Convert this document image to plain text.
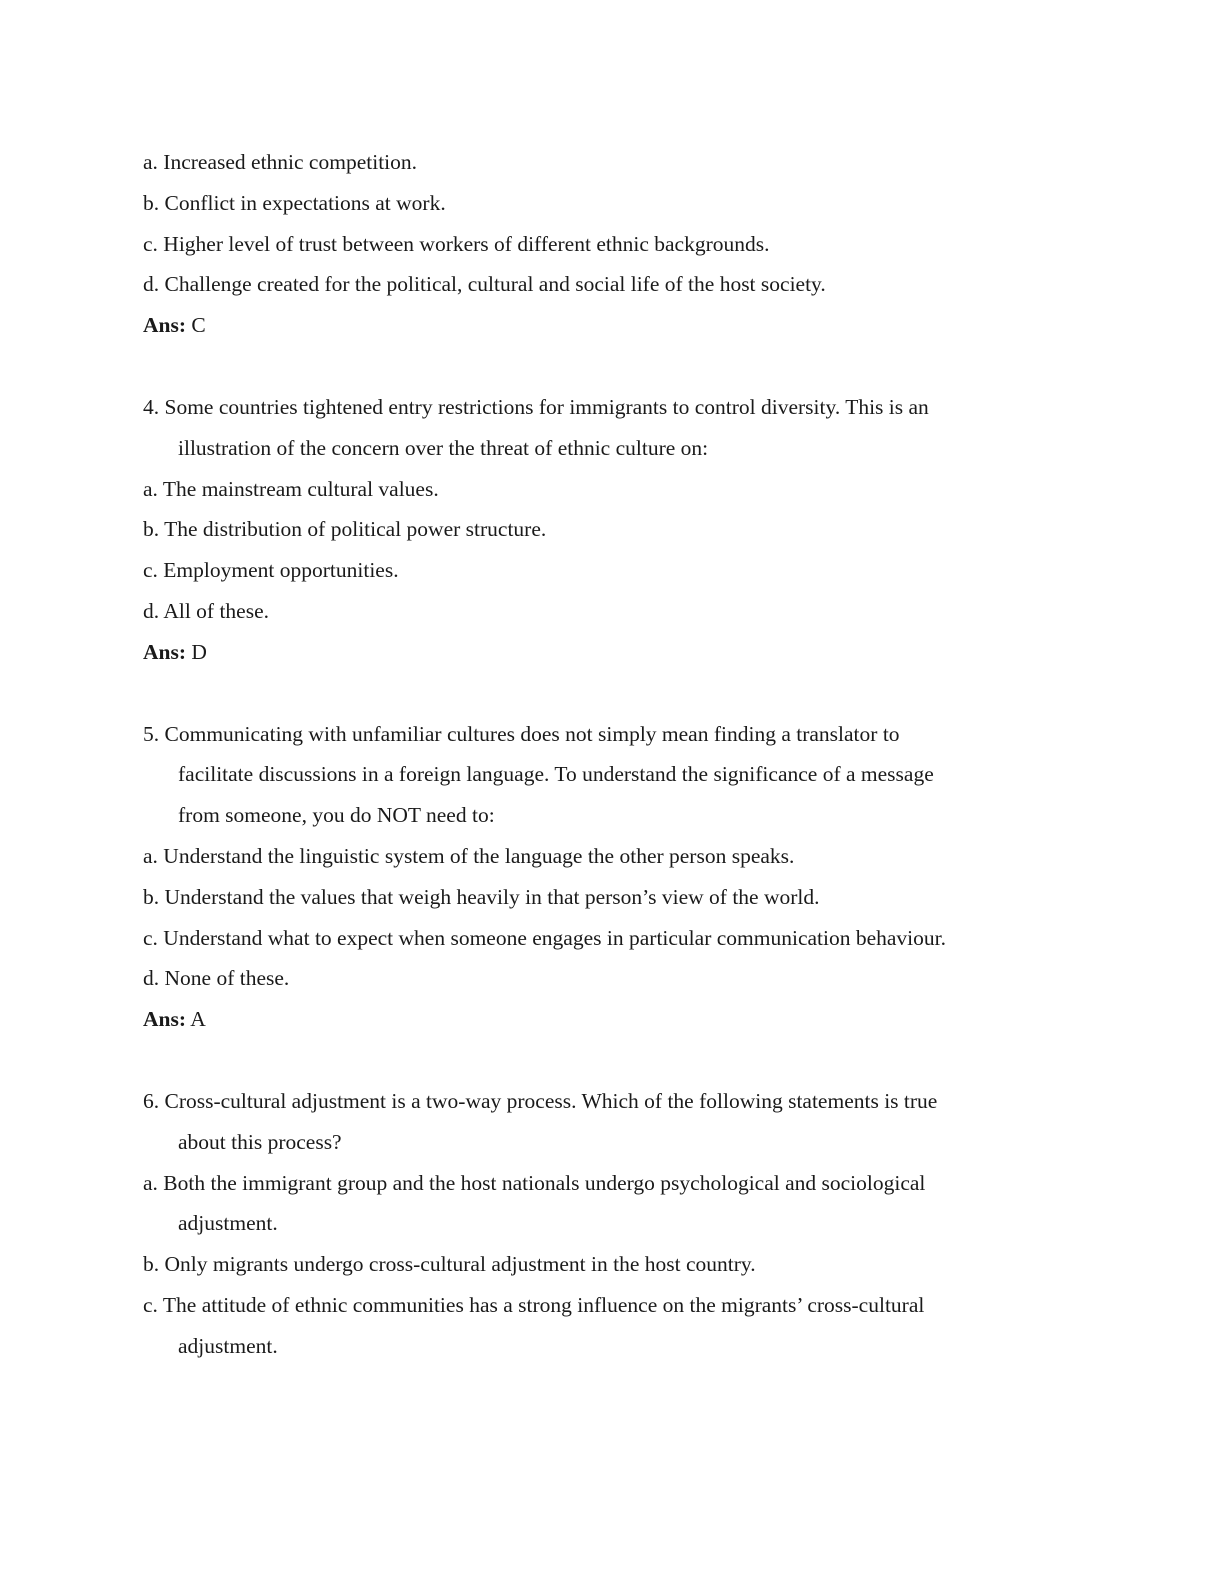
a. Increased ethnic competition.

b. Conflict in expectations at work.

c. Higher level of trust between workers of different ethnic backgrounds.

d. Challenge created for the political, cultural and social life of the host society.

Ans: C

4. Some countries tightened entry restrictions for immigrants to control diversity. This is an

illustration of the concern over the threat of ethnic culture on:

a. The mainstream cultural values.

b. The distribution of political power structure.

c. Employment opportunities.

d. All of these.

Ans: D

5. Communicating with unfamiliar cultures does not simply mean finding a translator to

facilitate discussions in a foreign language. To understand the significance of a message

from someone, you do NOT need to:

a. Understand the linguistic system of the language the other person speaks.

b. Understand the values that weigh heavily in that person’s view of the world.

c. Understand what to expect when someone engages in particular communication behaviour.

d. None of these.

Ans: A

6. Cross-cultural adjustment is a two-way process. Which of the following statements is true

about this process?

a. Both the immigrant group and the host nationals undergo psychological and sociological

adjustment.

b. Only migrants undergo cross-cultural adjustment in the host country.

c. The attitude of ethnic communities has a strong influence on the migrants’ cross-cultural

adjustment.
